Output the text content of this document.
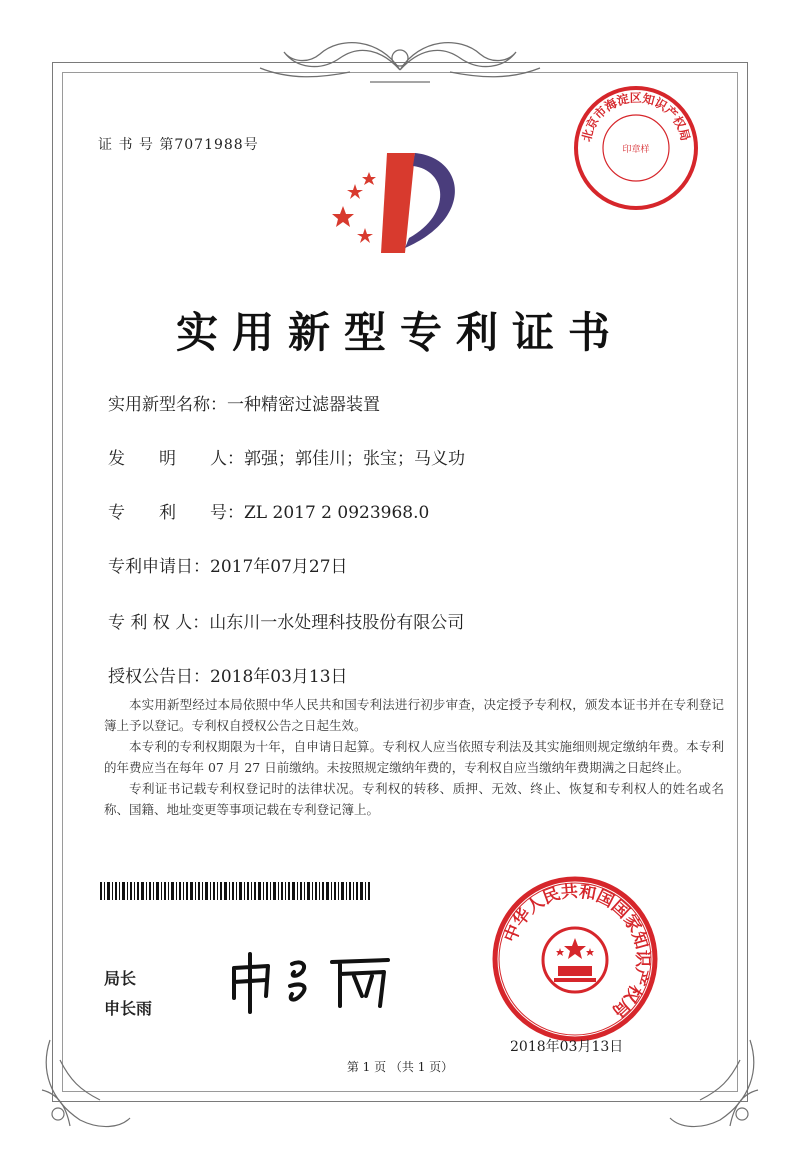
证 书 号 第7071988号
北京市海淀区知识产权局
印章样
实用新型专利证书
实用新型名称：一种精密过滤器装置
发　　明　　人：郭强；郭佳川；张宝；马义功
专　　利　　号：ZL 2017 2 0923968.0
专利申请日：2017年07月27日
专 利 权 人：山东川一水处理科技股份有限公司
授权公告日：2018年03月13日

本实用新型经过本局依照中华人民共和国专利法进行初步审查，决定授予专利权，颁发本证书并在专利登记簿上予以登记。专利权自授权公告之日起生效。

本专利的专利权期限为十年，自申请日起算。专利权人应当依照专利法及其实施细则规定缴纳年费。本专利的年费应当在每年 07 月 27 日前缴纳。未按照规定缴纳年费的，专利权自应当缴纳年费期满之日起终止。

专利证书记载专利权登记时的法律状况。专利权的转移、质押、无效、终止、恢复和专利权人的姓名或名称、国籍、地址变更等事项记载在专利登记簿上。

局长
申长雨
中华人民共和国国家知识产权局
2018年03月13日
第 1 页 （共 1 页）
